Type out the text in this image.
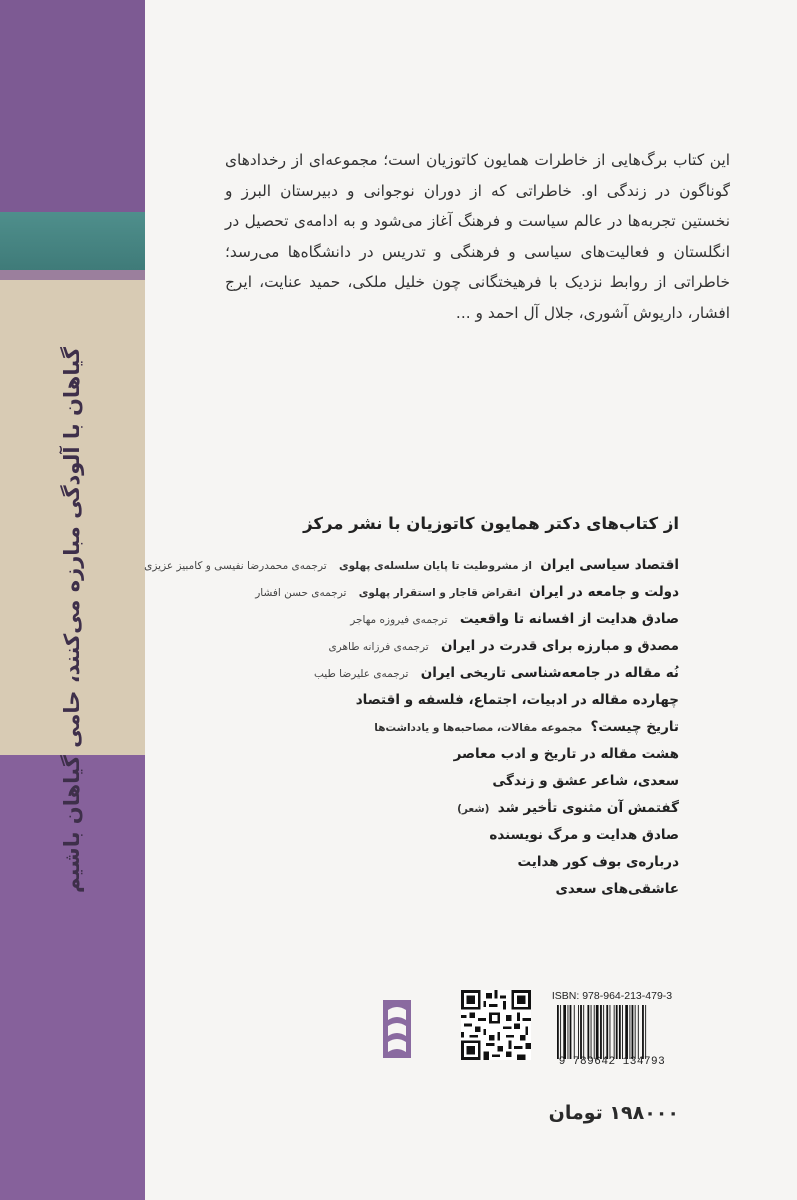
گیاهان با آلودگی مبارزه می‌کنند، حامی گیاهان باشیم
این کتاب برگ‌هایی از خاطرات همایون کاتوزیان است؛ مجموعه‌ای از رخدادهای گوناگون در زندگی او. خاطراتی که از دوران نوجوانی و دبیرستان البرز و نخستین تجربه‌ها در عالم سیاست و فرهنگ آغاز می‌شود و به ادامه‌ی تحصیل در انگلستان و فعالیت‌های سیاسی و فرهنگی و تدریس در دانشگاه‌ها می‌رسد؛ خاطراتی از روابط نزدیک با فرهیختگانی چون خلیل ملکی، حمید عنایت، ایرج افشار، داریوش آشوری، جلال آل احمد و ...
از کتاب‌های دکتر همایون کاتوزیان با نشر مرکز
اقتصاد سیاسی ایران از مشروطیت تا پایان سلسله‌ی پهلوی ترجمه‌ی محمدرضا نفیسی و کامبیز عزیزی
دولت و جامعه در ایران انقراض قاجار و استقرار پهلوی ترجمه‌ی حسن افشار
صادق هدایت از افسانه تا واقعیت ترجمه‌ی فیروزه مهاجر
مصدق و مبارزه برای قدرت در ایران ترجمه‌ی فرزانه طاهری
نُه مقاله در جامعه‌شناسی تاریخی ایران ترجمه‌ی علیرضا طیب
چهارده مقاله در ادبیات، اجتماع، فلسفه و اقتصاد
تاریخ چیست؟ مجموعه مقالات، مصاحبه‌ها و یادداشت‌ها
هشت مقاله در تاریخ و ادب معاصر
سعدی، شاعر عشق و زندگی
گفتمش آن مثنوی تأخیر شد (شعر)
صادق هدایت و مرگ نویسنده
درباره‌ی بوف کور هدایت
عاشقی‌های سعدی
ISBN: 978-964-213-479-3
9 789642 134793
۱۹۸۰۰۰ تومان
